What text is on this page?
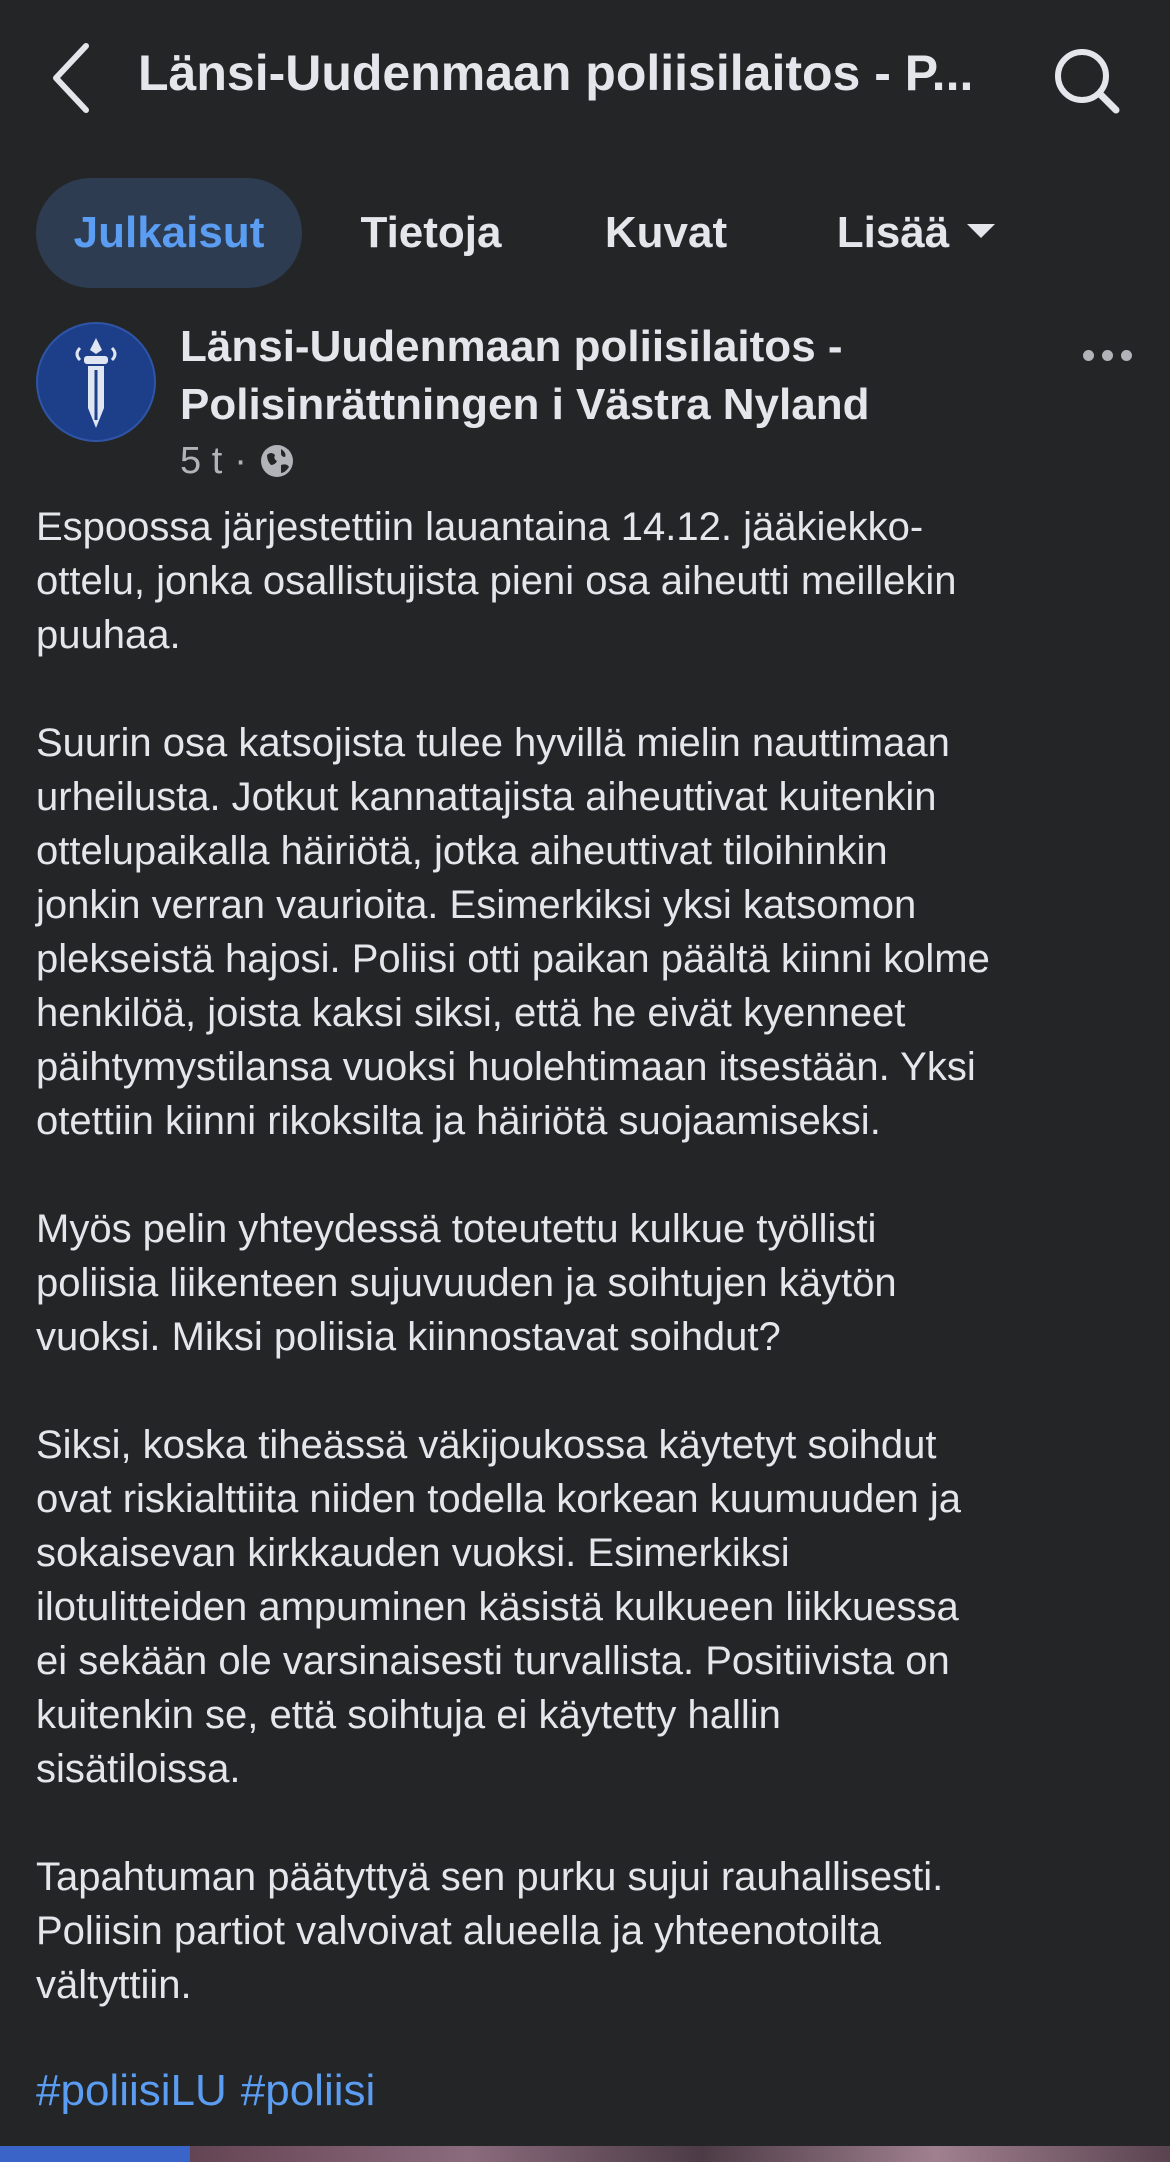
Länsi-Uudenmaan poliisilaitos - P...
Julkaisut	Tietoja	Kuvat	Lisää
Länsi-Uudenmaan poliisilaitos -
Polisinrättningen i Västra Nyland
5 t ·
Espoossa järjestettiin lauantaina 14.12. jääkiekko-
ottelu, jonka osallistujista pieni osa aiheutti meillekin
puuhaa.
Suurin osa katsojista tulee hyvillä mielin nauttimaan
urheilusta. Jotkut kannattajista aiheuttivat kuitenkin
ottelupaikalla häiriötä, jotka aiheuttivat tiloihinkin
jonkin verran vaurioita. Esimerkiksi yksi katsomon
plekseistä hajosi. Poliisi otti paikan päältä kiinni kolme
henkilöä, joista kaksi siksi, että he eivät kyenneet
päihtymystilansa vuoksi huolehtimaan itsestään. Yksi
otettiin kiinni rikoksilta ja häiriötä suojaamiseksi.
Myös pelin yhteydessä toteutettu kulkue työllisti
poliisia liikenteen sujuvuuden ja soihtujen käytön
vuoksi. Miksi poliisia kiinnostavat soihdut?
Siksi, koska tiheässä väkijoukossa käytetyt soihdut
ovat riskialttiita niiden todella korkean kuumuuden ja
sokaisevan kirkkauden vuoksi. Esimerkiksi
ilotulitteiden ampuminen käsistä kulkueen liikkuessa
ei sekään ole varsinaisesti turvallista. Positiivista on
kuitenkin se, että soihtuja ei käytetty hallin
sisätiloissa.
Tapahtuman päätyttyä sen purku sujui rauhallisesti.
Poliisin partiot valvoivat alueella ja yhteenotoilta
vältyttiin.
#poliisiLU #poliisi
